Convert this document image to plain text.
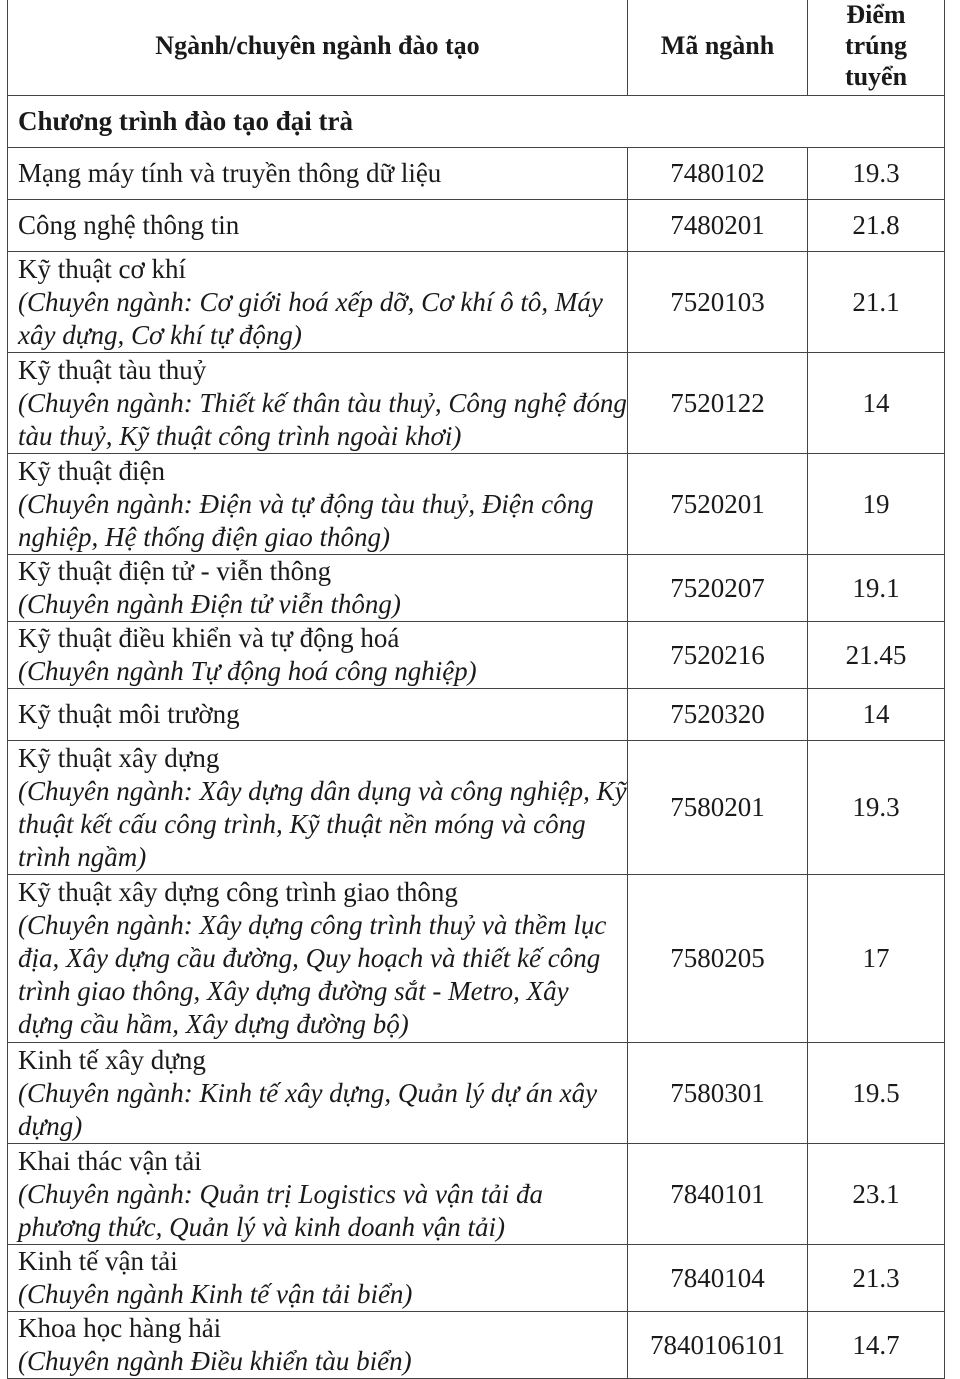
Ngành/chuyên ngành đào tạo	Mã ngành	Điểm trúng tuyển
Chương trình đào tạo đại trà		

Mạng máy tính và truyền thông dữ liệu	7480102	19.3

Công nghệ thông tin	7480201	21.8

Kỹ thuật cơ khí
(Chuyên ngành: Cơ giới hoá xếp dỡ, Cơ khí ô tô, Máy xây dựng, Cơ khí tự động)	7520103	21.1

Kỹ thuật tàu thuỷ
(Chuyên ngành: Thiết kế thân tàu thuỷ, Công nghệ đóng tàu thuỷ, Kỹ thuật công trình ngoài khơi)	7520122	14

Kỹ thuật điện
(Chuyên ngành: Điện và tự động tàu thuỷ, Điện công nghiệp, Hệ thống điện giao thông)	7520201	19

Kỹ thuật điện tử - viễn thông
(Chuyên ngành Điện tử viễn thông)	7520207	19.1

Kỹ thuật điều khiển và tự động hoá
(Chuyên ngành Tự động hoá công nghiệp)	7520216	21.45

Kỹ thuật môi trường	7520320	14

Kỹ thuật xây dựng
(Chuyên ngành: Xây dựng dân dụng và công nghiệp, Kỹ thuật kết cấu công trình, Kỹ thuật nền móng và công trình ngầm)	7580201	19.3

Kỹ thuật xây dựng công trình giao thông
(Chuyên ngành: Xây dựng công trình thuỷ và thềm lục địa, Xây dựng cầu đường, Quy hoạch và thiết kế công trình giao thông, Xây dựng đường sắt - Metro, Xây dựng cầu hầm, Xây dựng đường bộ)	7580205	17

Kinh tế xây dựng
(Chuyên ngành: Kinh tế xây dựng, Quản lý dự án xây dựng)	7580301	19.5

Khai thác vận tải
(Chuyên ngành: Quản trị Logistics và vận tải đa phương thức, Quản lý và kinh doanh vận tải)	7840101	23.1

Kinh tế vận tải
(Chuyên ngành Kinh tế vận tải biển)	7840104	21.3

Khoa học hàng hải
(Chuyên ngành Điều khiển tàu biển)	7840106101	14.7
